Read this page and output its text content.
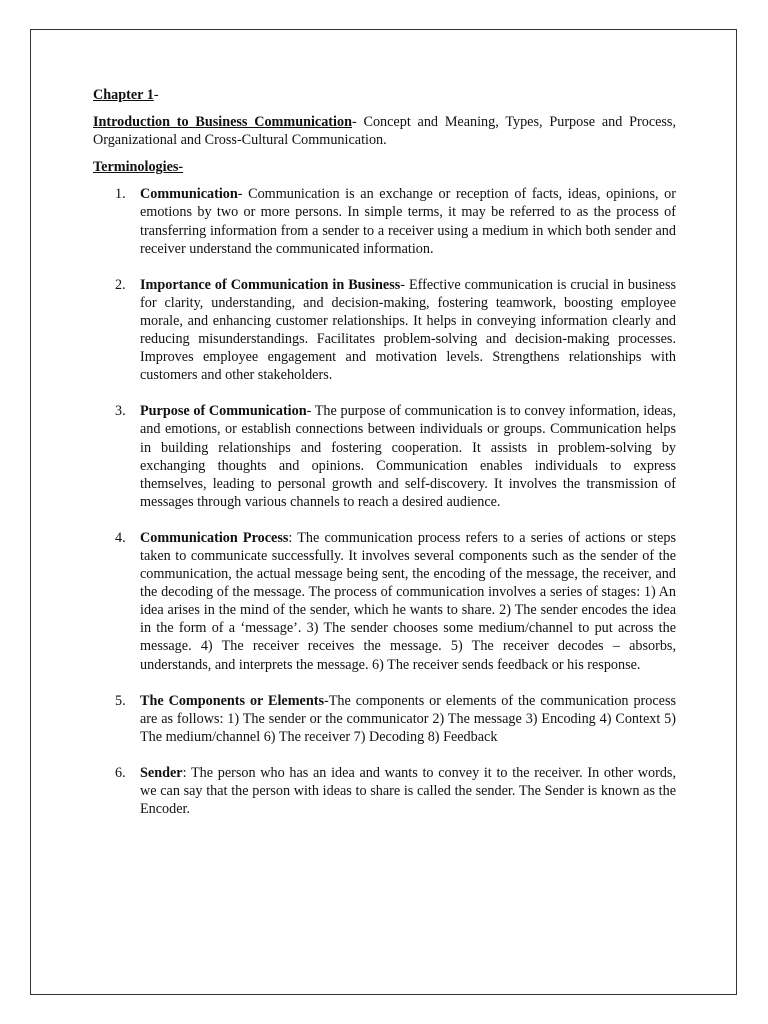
Chapter 1-

Introduction to Business Communication- Concept and Meaning, Types, Purpose and Process, Organizational and Cross-Cultural Communication.

Terminologies-

1. Communication- Communication is an exchange or reception of facts, ideas, opinions, or emotions by two or more persons. In simple terms, it may be referred to as the process of transferring information from a sender to a receiver using a medium in which both sender and receiver understand the communicated information.
2. Importance of Communication in Business- Effective communication is crucial in business for clarity, understanding, and decision-making, fostering teamwork, boosting employee morale, and enhancing customer relationships. It helps in conveying information clearly and reducing misunderstandings. Facilitates problem-solving and decision-making processes. Improves employee engagement and motivation levels. Strengthens relationships with customers and other stakeholders.
3. Purpose of Communication- The purpose of communication is to convey information, ideas, and emotions, or establish connections between individuals or groups. Communication helps in building relationships and fostering cooperation. It assists in problem-solving by exchanging thoughts and opinions. Communication enables individuals to express themselves, leading to personal growth and self-discovery. It involves the transmission of messages through various channels to reach a desired audience.
4. Communication Process: The communication process refers to a series of actions or steps taken to communicate successfully. It involves several components such as the sender of the communication, the actual message being sent, the encoding of the message, the receiver, and the decoding of the message. The process of communication involves a series of stages: 1) An idea arises in the mind of the sender, which he wants to share. 2) The sender encodes the idea in the form of a ‘message’. 3) The sender chooses some medium/channel to put across the message. 4) The receiver receives the message. 5) The receiver decodes – absorbs, understands, and interprets the message. 6) The receiver sends feedback or his response.
5. The Components or Elements-The components or elements of the communication process are as follows: 1) The sender or the communicator 2) The message 3) Encoding 4) Context 5) The medium/channel 6) The receiver 7) Decoding 8) Feedback
6. Sender: The person who has an idea and wants to convey it to the receiver. In other words, we can say that the person with ideas to share is called the sender. The Sender is known as the Encoder.
